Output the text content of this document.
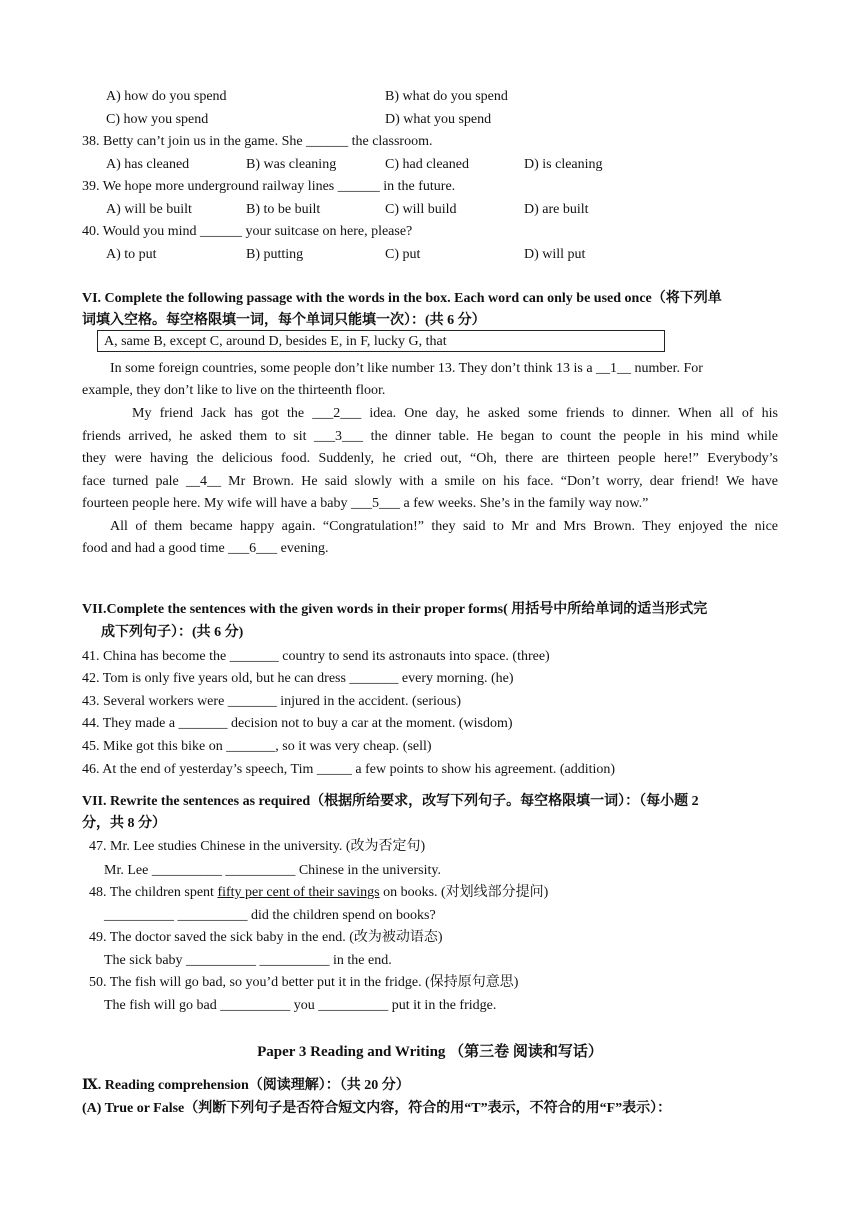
A) how do you spend	B) what do you spend
C) how you spend	D) what you spend
38. Betty can’t join us in the game. She ______ the classroom.
A) has cleaned	B) was cleaning	C) had cleaned	D) is cleaning
39. We hope more underground railway lines ______ in the future.
A) will be built	B) to be built	C) will build	D) are built
40. Would you mind ______ your suitcase on here, please?
A) to put	B) putting	C) put	D) will put
VI. Complete the following passage with the words in the box. Each word can only be used once（将下列单
词填入空格。每空格限填一词，每个单词只能填一次）：(共 6 分）
A, same B, except C, around D, besides E, in F, lucky G, that
In some foreign countries, some people don’t like number 13. They don’t think 13 is a __1__ number. For
example, they don’t like to live on the thirteenth floor.
My friend Jack has got the ___2___ idea. One day, he asked some friends to dinner. When all of his
friends arrived, he asked them to sit ___3___ the dinner table. He began to count the people in his mind while
they were having the delicious food. Suddenly, he cried out, “Oh, there are thirteen people here!” Everybody’s
face turned pale __4__ Mr Brown. He said slowly with a smile on his face. “Don’t worry, dear friend! We have
fourteen people here. My wife will have a baby ___5___ a few weeks. She’s in the family way now.”
All of them became happy again. “Congratulation!” they said to Mr and Mrs Brown. They enjoyed the nice
food and had a good time ___6___ evening.
VII.Complete the sentences with the given words in their proper forms( 用括号中所给单词的适当形式完
成下列句子）：(共 6 分)
41. China has become the _______ country to send its astronauts into space. (three)
42. Tom is only five years old, but he can dress _______ every morning. (he)
43. Several workers were _______ injured in the accident. (serious)
44. They made a _______ decision not to buy a car at the moment. (wisdom)
45. Mike got this bike on _______, so it was very cheap. (sell)
46. At the end of yesterday’s speech, Tim _____ a few points to show his agreement. (addition)
VII. Rewrite the sentences as required（根据所给要求，改写下列句子。每空格限填一词）：（每小题 2
分，共 8 分）
47. Mr. Lee studies Chinese in the university. (改为否定句)
Mr. Lee __________ __________ Chinese in the university.
48. The children spent fifty per cent of their savings on books. (对划线部分提问)
__________ __________ did the children spend on books?
49. The doctor saved the sick baby in the end. (改为被动语态)
The sick baby __________ __________ in the end.
50. The fish will go bad, so you’d better put it in the fridge. (保持原句意思)
The fish will go bad __________ you __________ put it in the fridge.
Paper 3 Reading and Writing （第三卷 阅读和写话）
Ⅸ. Reading comprehension（阅读理解）：（共 20 分）
(A) True or False（判断下列句子是否符合短文内容，符合的用“T”表示，不符合的用“F”表示）：
